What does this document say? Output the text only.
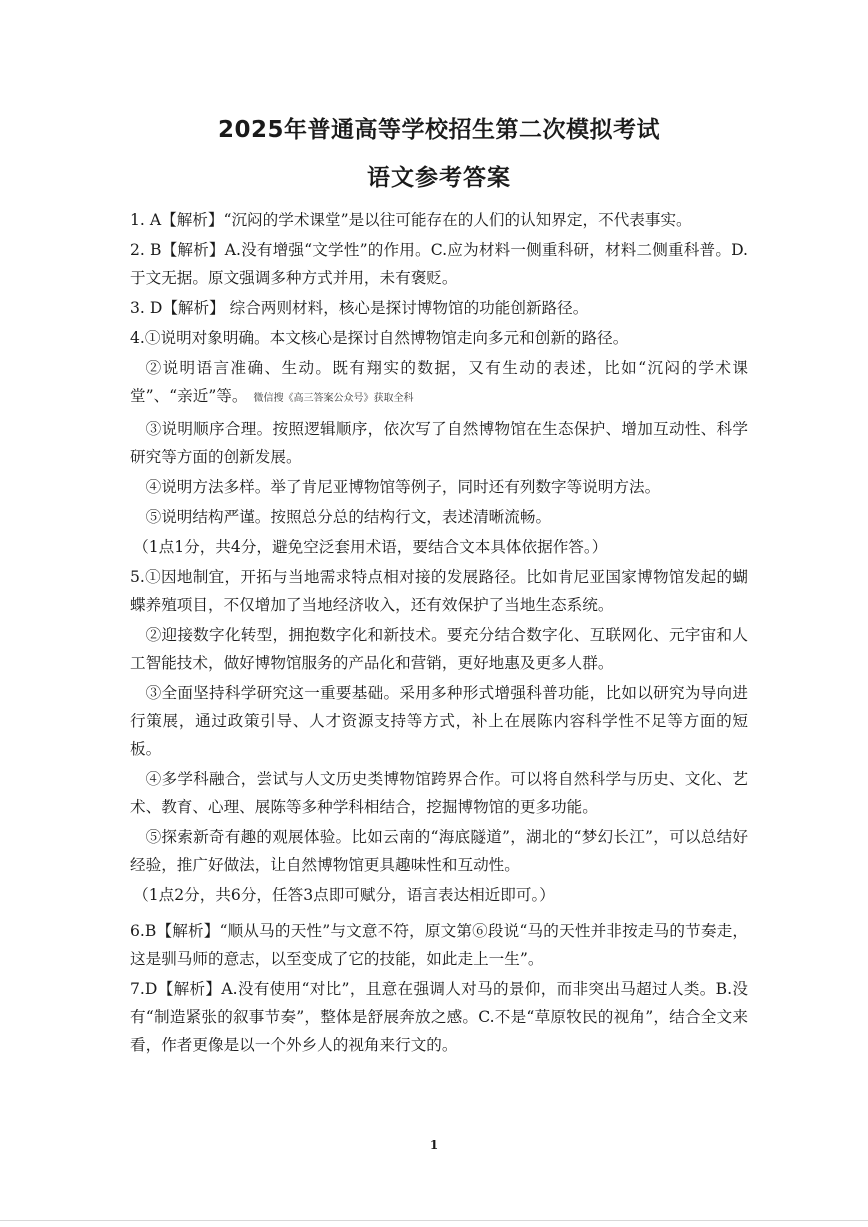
2025年普通高等学校招生第二次模拟考试
语文参考答案

1. A【解析】“沉闷的学术课堂”是以往可能存在的人们的认知界定，不代表事实。

2. B【解析】A.没有增强“文学性”的作用。C.应为材料一侧重科研，材料二侧重科普。D.于文无据。原文强调多种方式并用，未有褒贬。

3. D【解析】 综合两则材料，核心是探讨博物馆的功能创新路径。

4.①说明对象明确。本文核心是探讨自然博物馆走向多元和创新的路径。

②说明语言准确、生动。既有翔实的数据，又有生动的表述，比如“沉闷的学术课堂”、“亲近”等。 微信搜《高三答案公众号》获取全科

③说明顺序合理。按照逻辑顺序，依次写了自然博物馆在生态保护、增加互动性、科学研究等方面的创新发展。

④说明方法多样。举了肯尼亚博物馆等例子，同时还有列数字等说明方法。

⑤说明结构严谨。按照总分总的结构行文，表述清晰流畅。

（1点1分，共4分，避免空泛套用术语，要结合文本具体依据作答。）

5.①因地制宜，开拓与当地需求特点相对接的发展路径。比如肯尼亚国家博物馆发起的蝴蝶养殖项目，不仅增加了当地经济收入，还有效保护了当地生态系统。

②迎接数字化转型，拥抱数字化和新技术。要充分结合数字化、互联网化、元宇宙和人工智能技术，做好博物馆服务的产品化和营销，更好地惠及更多人群。

③全面坚持科学研究这一重要基础。采用多种形式增强科普功能，比如以研究为导向进行策展，通过政策引导、人才资源支持等方式，补上在展陈内容科学性不足等方面的短板。

④多学科融合，尝试与人文历史类博物馆跨界合作。可以将自然科学与历史、文化、艺术、教育、心理、展陈等多种学科相结合，挖掘博物馆的更多功能。

⑤探索新奇有趣的观展体验。比如云南的“海底隧道”，湖北的“梦幻长江”，可以总结好经验，推广好做法，让自然博物馆更具趣味性和互动性。

（1点2分，共6分，任答3点即可赋分，语言表达相近即可。）

6.B【解析】“顺从马的天性”与文意不符，原文第⑥段说“马的天性并非按走马的节奏走，这是驯马师的意志，以至变成了它的技能，如此走上一生”。

7.D【解析】A.没有使用“对比”，且意在强调人对马的景仰，而非突出马超过人类。B.没有“制造紧张的叙事节奏”，整体是舒展奔放之感。C.不是“草原牧民的视角”，结合全文来看，作者更像是以一个外乡人的视角来行文的。

1
